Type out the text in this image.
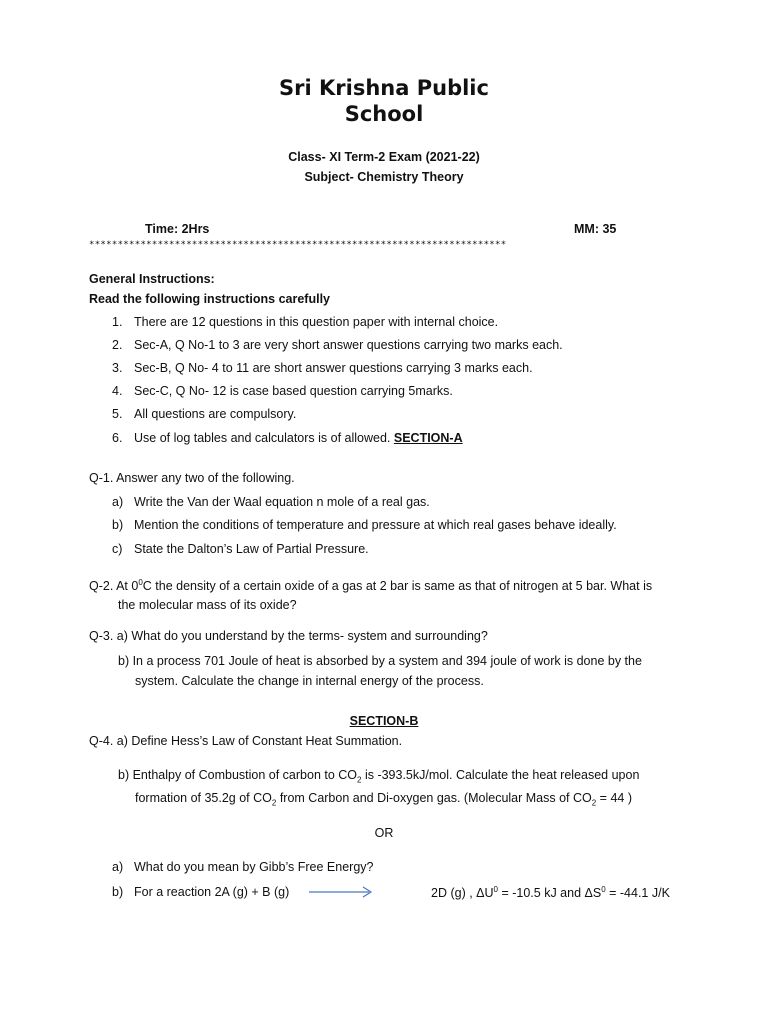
Sri Krishna Public
School
Class- XI Term-2 Exam (2021-22)
Subject- Chemistry Theory
Time: 2Hrs	MM: 35
*************************************************************************
General Instructions:
Read the following instructions carefully
1. There are 12 questions in this question paper with internal choice.
2. Sec-A, Q No-1 to 3 are very short answer questions carrying two marks each.
3. Sec-B, Q No- 4 to 11 are short answer questions carrying 3 marks each.
4. Sec-C, Q No- 12 is case based question carrying 5marks.
5. All questions are compulsory.
6. Use of log tables and calculators is of allowed. SECTION-A
Q-1. Answer any two of the following.
a) Write the Van der Waal equation n mole of a real gas.
b) Mention the conditions of temperature and pressure at which real gases behave ideally.
c) State the Dalton’s Law of Partial Pressure.
Q-2. At $0^0C$ the density of a certain oxide of a gas at 2 bar is same as that of nitrogen at 5 bar. What is
the molecular mass of its oxide?
Q-3. a) What do you understand by the terms- system and surrounding?
b) In a process 701 Joule of heat is absorbed by a system and 394 joule of work is done by the
system. Calculate the change in internal energy of the process.
SECTION-B
Q-4. a) Define Hess’s Law of Constant Heat Summation.
b) Enthalpy of Combustion of carbon to $CO_2$ is -393.5kJ/mol. Calculate the heat released upon
formation of 35.2g of $CO_2$ from Carbon and Di-oxygen gas. (Molecular Mass of $CO_2 = 44$ )
OR
a) What do you mean by Gibb’s Free Energy?
b) For a reaction 2A (g) + B (g)	2D (g) , $\Delta U^0 = -10.5$ kJ and $\Delta S^0 = -44.1$ J/K
